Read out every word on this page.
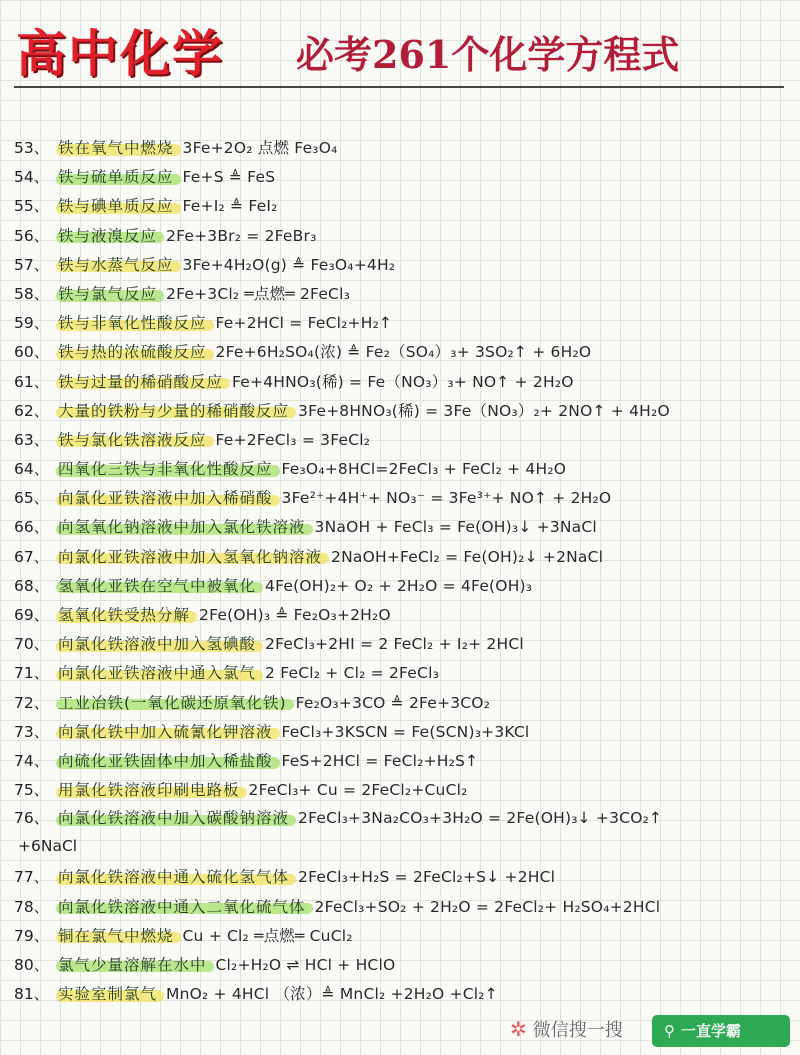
高中化学 必考261个化学方程式
53、 铁在氧气中燃烧 3Fe+2O₂ 点燃 Fe₃O₄
54、 铁与硫单质反应 Fe+S ≜ FeS
55、 铁与碘单质反应 Fe+I₂ ≜ FeI₂
56、 铁与液溴反应 2Fe+3Br₂ = 2FeBr₃
57、 铁与水蒸气反应 3Fe+4H₂O(g) ≜ Fe₃O₄+4H₂
58、 铁与氯气反应 2Fe+3Cl₂ ═点燃═ 2FeCl₃
59、 铁与非氧化性酸反应 Fe+2HCl = FeCl₂+H₂↑
60、 铁与热的浓硫酸反应 2Fe+6H₂SO₄(浓) ≜ Fe₂（SO₄）₃+ 3SO₂↑ + 6H₂O
61、 铁与过量的稀硝酸反应 Fe+4HNO₃(稀) = Fe（NO₃）₃+ NO↑ + 2H₂O
62、 大量的铁粉与少量的稀硝酸反应 3Fe+8HNO₃(稀) = 3Fe（NO₃）₂+ 2NO↑ + 4H₂O
63、 铁与氯化铁溶液反应 Fe+2FeCl₃ = 3FeCl₂
64、 四氧化三铁与非氧化性酸反应 Fe₃O₄+8HCl=2FeCl₃ + FeCl₂ + 4H₂O
65、 向氯化亚铁溶液中加入稀硝酸 3Fe²⁺+4H⁺+ NO₃⁻ = 3Fe³⁺+ NO↑ + 2H₂O
66、 向氢氧化钠溶液中加入氯化铁溶液 3NaOH + FeCl₃ = Fe(OH)₃↓ +3NaCl
67、 向氯化亚铁溶液中加入氢氧化钠溶液 2NaOH+FeCl₂ = Fe(OH)₂↓ +2NaCl
68、 氢氧化亚铁在空气中被氧化 4Fe(OH)₂+ O₂ + 2H₂O = 4Fe(OH)₃
69、 氢氧化铁受热分解 2Fe(OH)₃ ≜ Fe₂O₃+2H₂O
70、 向氯化铁溶液中加入氢碘酸 2FeCl₃+2HI = 2 FeCl₂ + I₂+ 2HCl
71、 向氯化亚铁溶液中通入氯气 2 FeCl₂ + Cl₂ = 2FeCl₃
72、 工业冶铁(一氧化碳还原氧化铁) Fe₂O₃+3CO ≜ 2Fe+3CO₂
73、 向氯化铁中加入硫氰化钾溶液 FeCl₃+3KSCN = Fe(SCN)₃+3KCl
74、 向硫化亚铁固体中加入稀盐酸 FeS+2HCl = FeCl₂+H₂S↑
75、 用氯化铁溶液印刷电路板 2FeCl₃+ Cu = 2FeCl₂+CuCl₂
76、 向氯化铁溶液中加入碳酸钠溶液 2FeCl₃+3Na₂CO₃+3H₂O = 2Fe(OH)₃↓ +3CO₂↑
+6NaCl
77、 向氯化铁溶液中通入硫化氢气体 2FeCl₃+H₂S = 2FeCl₂+S↓ +2HCl
78、 向氯化铁溶液中通入二氧化硫气体 2FeCl₃+SO₂ + 2H₂O = 2FeCl₂+ H₂SO₄+2HCl
79、 铜在氯气中燃烧 Cu + Cl₂ ═点燃═ CuCl₂
80、 氯气少量溶解在水中 Cl₂+H₂O ⇌ HCl + HClO
81、 实验室制氯气 MnO₂ + 4HCl （浓）≜ MnCl₂ +2H₂O +Cl₂↑
✲ 微信搜一搜	⚲ 一直学霸
